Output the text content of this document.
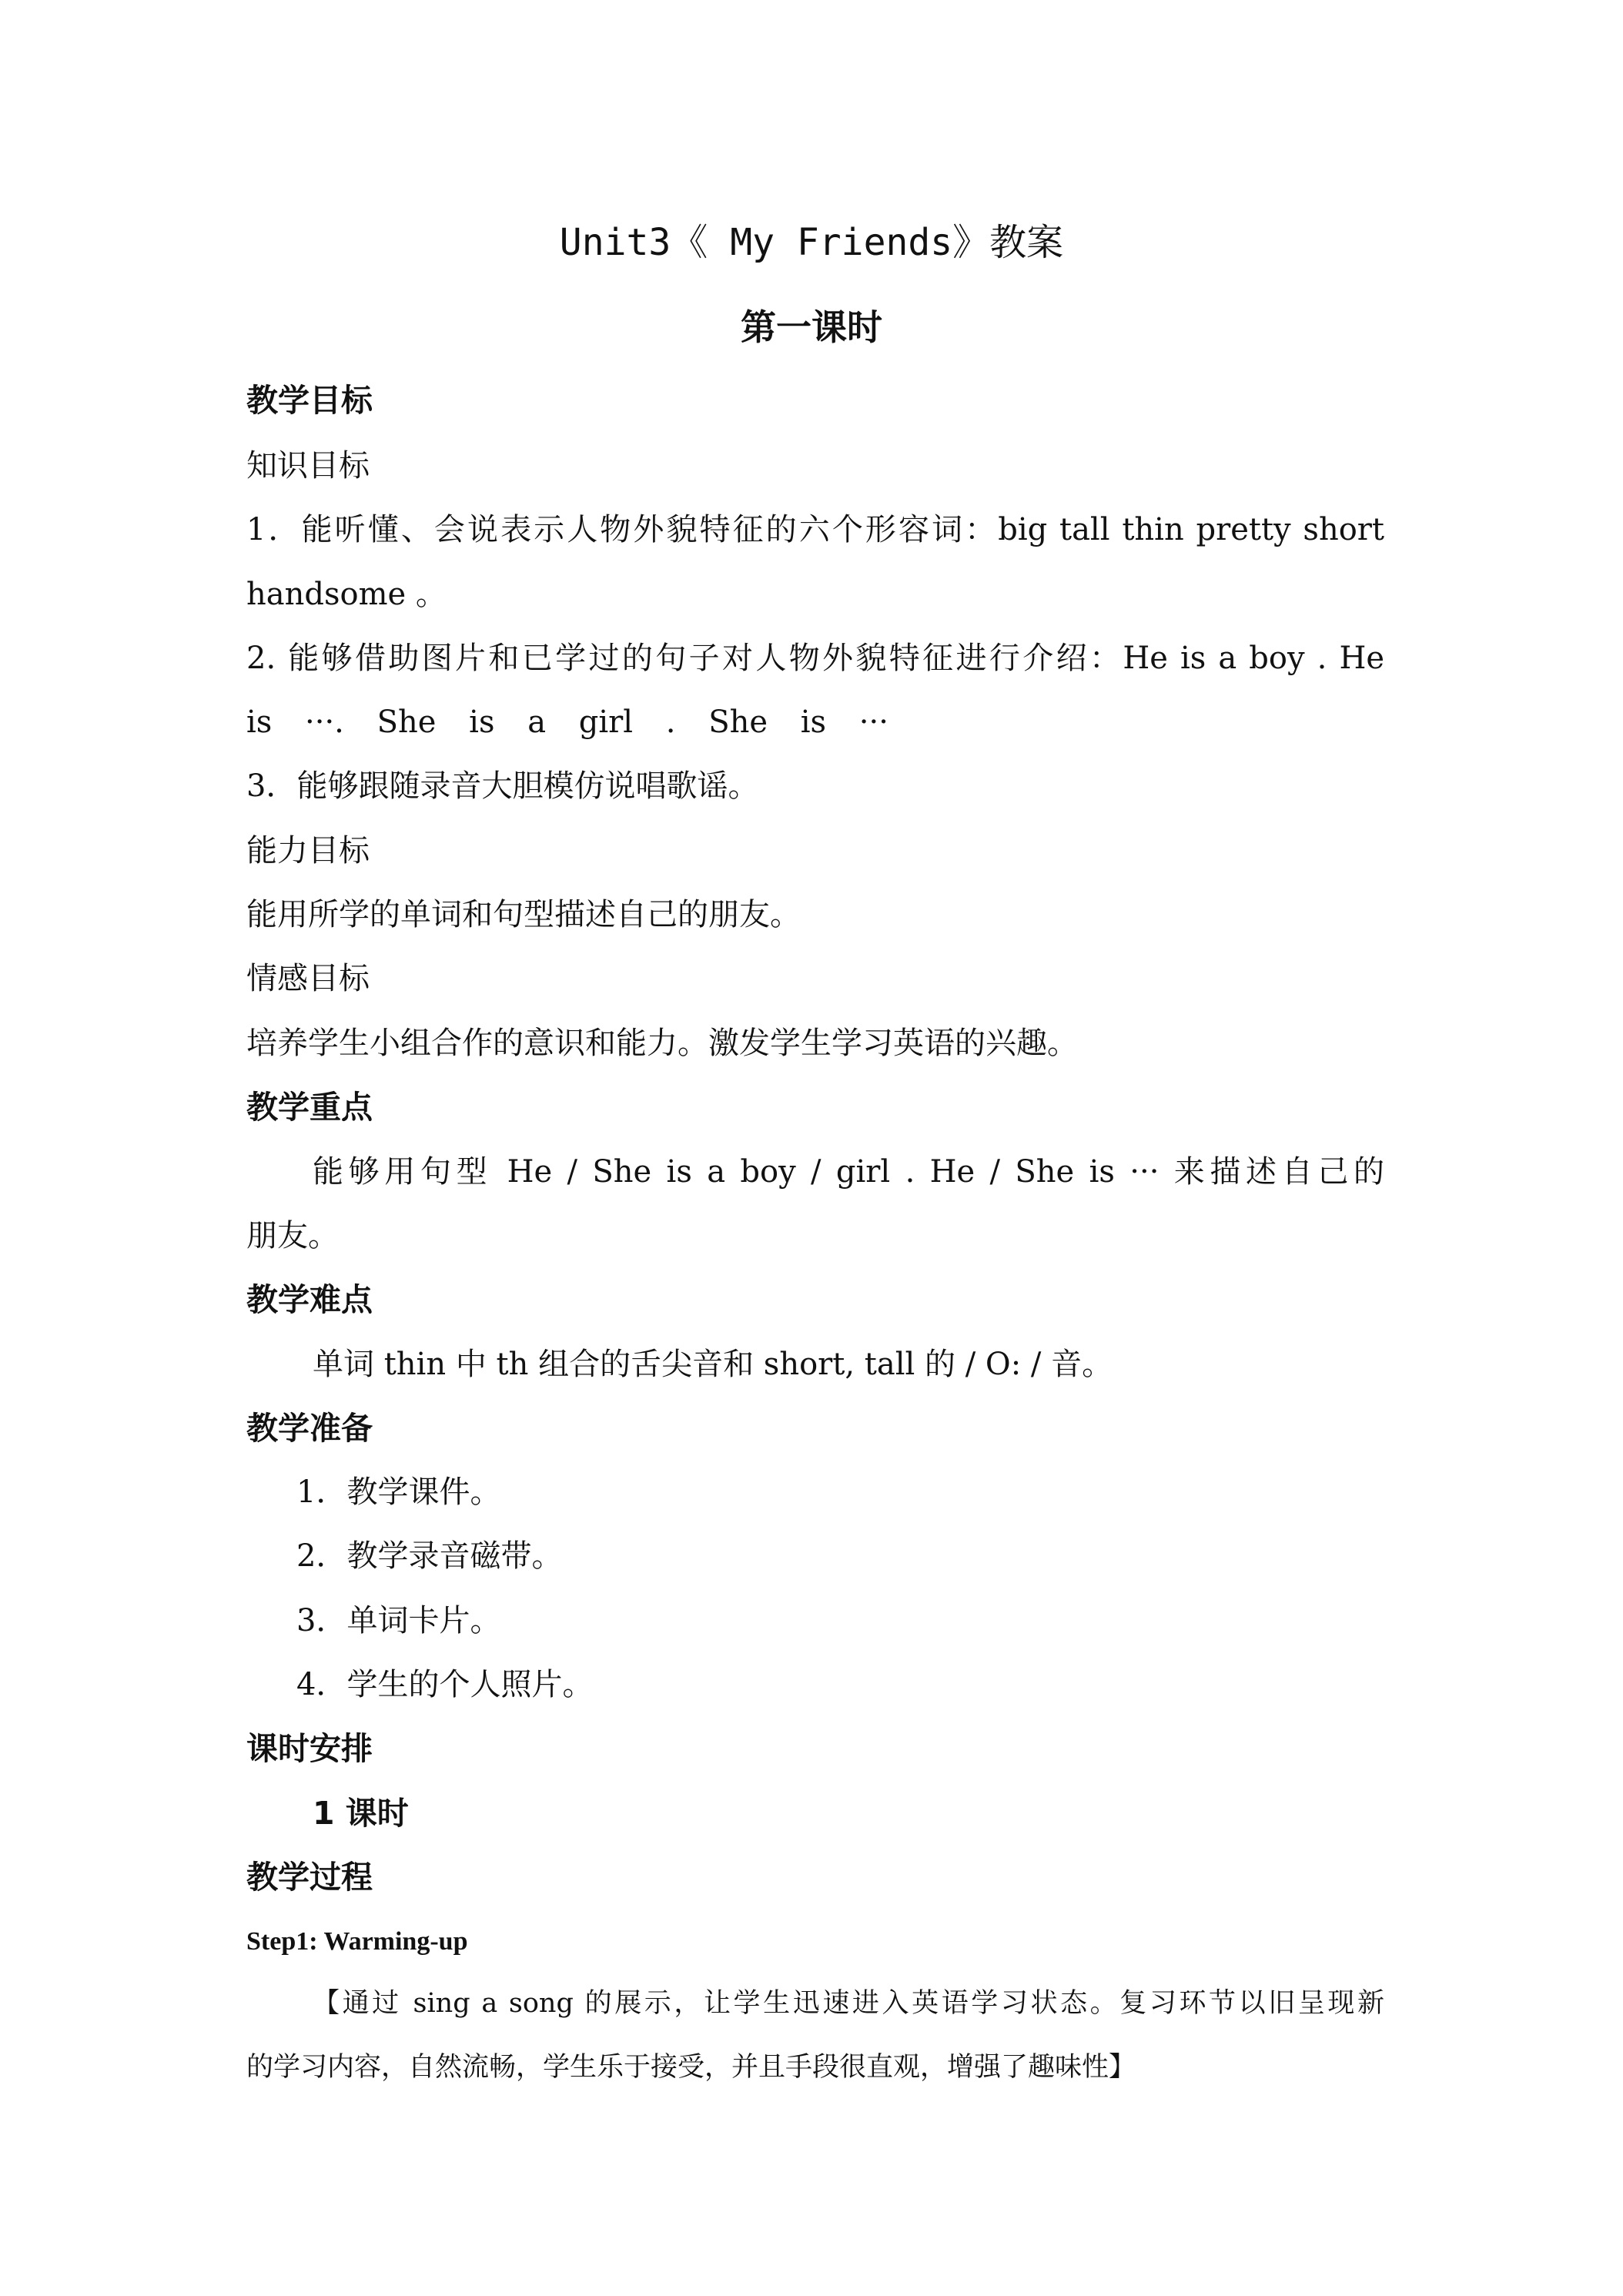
Unit3《 My Friends》教案
第一课时
教学目标
知识目标
1．能听懂、会说表示人物外貌特征的六个形容词：big tall thin pretty short
handsome 。
2. 能够借助图片和已学过的句子对人物外貌特征进行介绍：He is a boy . He
is ···. She is a girl . She is ···
3．能够跟随录音大胆模仿说唱歌谣。
能力目标
能用所学的单词和句型描述自己的朋友。
情感目标
培养学生小组合作的意识和能力。激发学生学习英语的兴趣。
教学重点
能够用句型 He / She is a boy / girl . He / She is ··· 来描述自己的
朋友。
教学难点
单词 thin 中 th 组合的舌尖音和 short, tall 的 / O: / 音。
教学准备
1．教学课件。
2．教学录音磁带。
3．单词卡片。
4．学生的个人照片。
课时安排
1 课时
教学过程
Step1: Warming-up
【通过 sing a song 的展示，让学生迅速进入英语学习状态。复习环节以旧呈现新
的学习内容，自然流畅，学生乐于接受，并且手段很直观，增强了趣味性】
